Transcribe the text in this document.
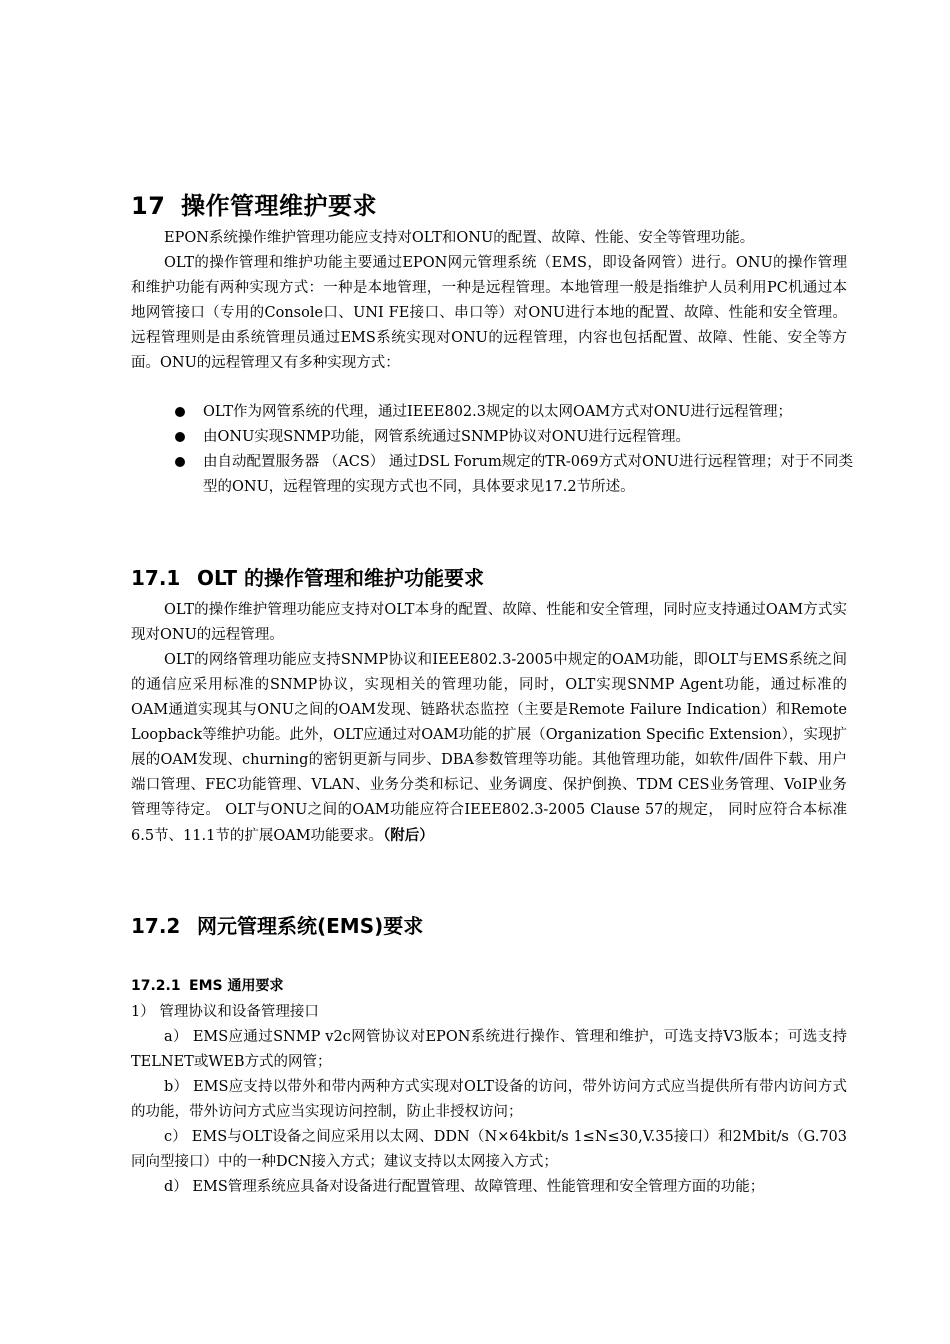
17 操作管理维护要求

EPON系统操作维护管理功能应支持对OLT和ONU的配置、故障、性能、安全等管理功能。

OLT的操作管理和维护功能主要通过EPON网元管理系统（EMS，即设备网管）进行。ONU的操作管理和维护功能有两种实现方式：一种是本地管理，一种是远程管理。本地管理一般是指维护人员利用PC机通过本地网管接口（专用的Console口、UNI FE接口、串口等）对ONU进行本地的配置、故障、性能和安全管理。远程管理则是由系统管理员通过EMS系统实现对ONU的远程管理，内容也包括配置、故障、性能、安全等方面。ONU的远程管理又有多种实现方式：

OLT作为网管系统的代理，通过IEEE802.3规定的以太网OAM方式对ONU进行远程管理；
由ONU实现SNMP功能，网管系统通过SNMP协议对ONU进行远程管理。
由自动配置服务器 （ACS） 通过DSL Forum规定的TR-069方式对ONU进行远程管理；对于不同类型的ONU，远程管理的实现方式也不同，具体要求见17.2节所述。
17.1 OLT 的操作管理和维护功能要求

OLT的操作维护管理功能应支持对OLT本身的配置、故障、性能和安全管理，同时应支持通过OAM方式实现对ONU的远程管理。

OLT的网络管理功能应支持SNMP协议和IEEE802.3-2005中规定的OAM功能，即OLT与EMS系统之间的通信应采用标准的SNMP协议，实现相关的管理功能，同时，OLT实现SNMP Agent功能，通过标准的OAM通道实现其与ONU之间的OAM发现、链路状态监控（主要是Remote Failure Indication）和Remote Loopback等维护功能。此外，OLT应通过对OAM功能的扩展（Organization Specific Extension），实现扩展的OAM发现、churning的密钥更新与同步、DBA参数管理等功能。其他管理功能，如软件/固件下载、用户端口管理、FEC功能管理、VLAN、业务分类和标记、业务调度、保护倒换、TDM CES业务管理、VoIP业务管理等待定。 OLT与ONU之间的OAM功能应符合IEEE802.3-2005 Clause 57的规定， 同时应符合本标准6.5节、11.1节的扩展OAM功能要求。（附后）

17.2 网元管理系统(EMS)要求
17.2.1 EMS 通用要求
1） 管理协议和设备管理接口

a） EMS应通过SNMP v2c网管协议对EPON系统进行操作、管理和维护，可选支持V3版本；可选支持TELNET或WEB方式的网管；

b） EMS应支持以带外和带内两种方式实现对OLT设备的访问，带外访问方式应当提供所有带内访问方式的功能，带外访问方式应当实现访问控制，防止非授权访问；

c） EMS与OLT设备之间应采用以太网、DDN（N×64kbit/s 1≤N≤30,V.35接口）和2Mbit/s（G.703同向型接口）中的一种DCN接入方式；建议支持以太网接入方式；

d） EMS管理系统应具备对设备进行配置管理、故障管理、性能管理和安全管理方面的功能；
